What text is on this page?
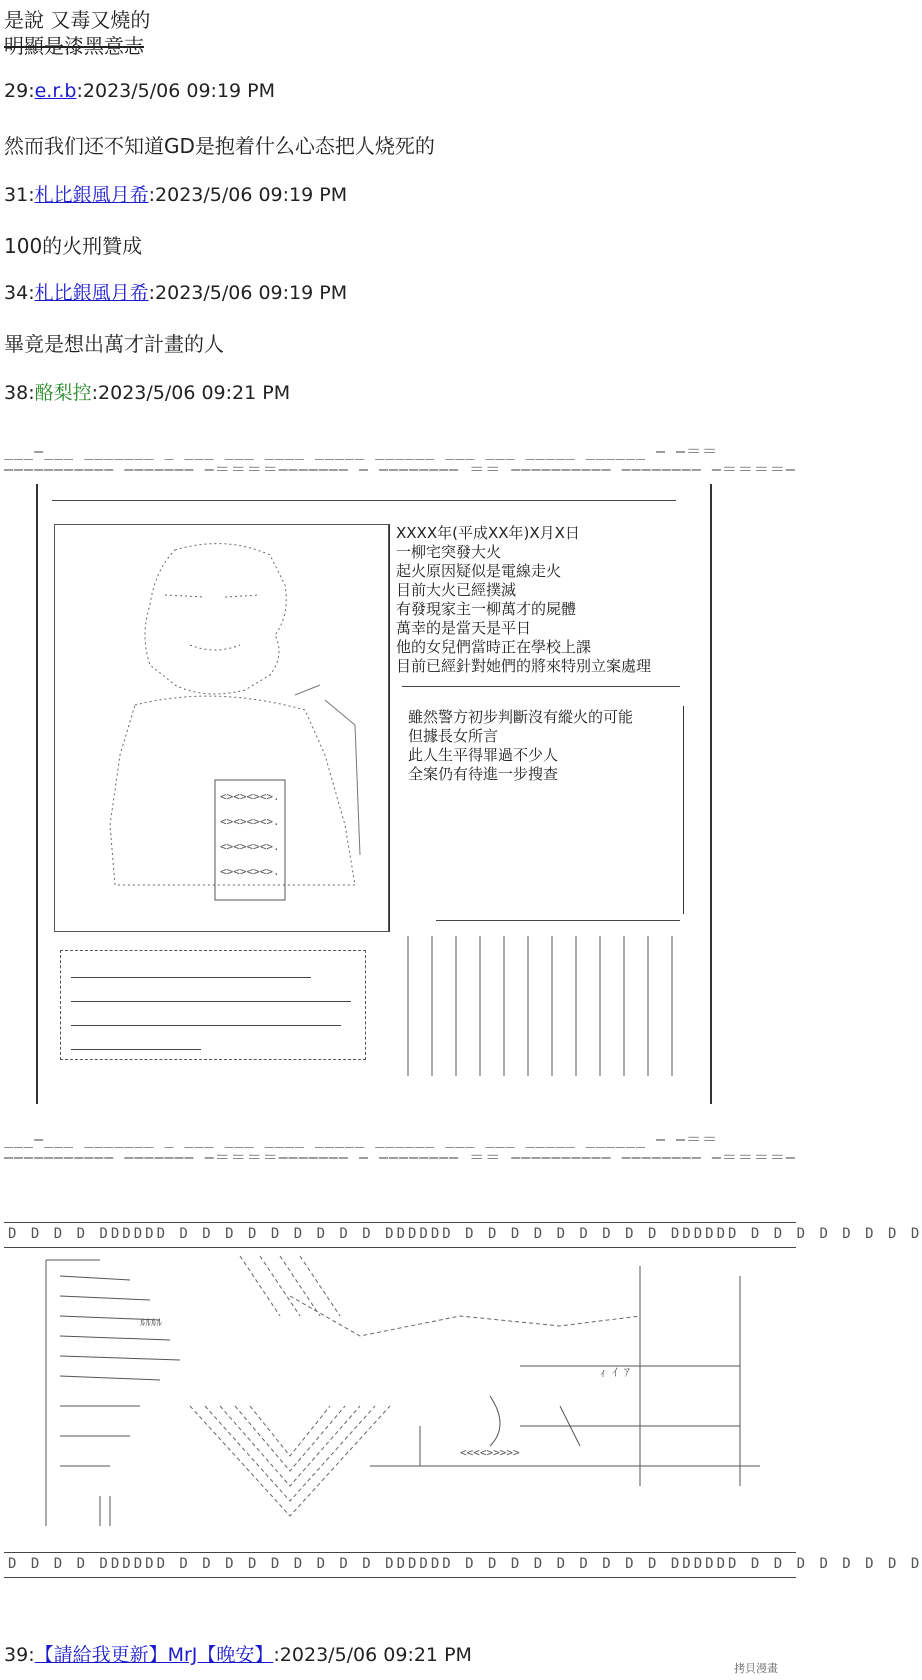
是說 又毒又燒的
明顯是漆黑意志
29:e.r.b:2023/5/06 09:19 PM
然而我们还不知道GD是抱着什么心态把人烧死的
31:札比銀風月希:2023/5/06 09:19 PM
100的火刑贊成
34:札比銀風月希:2023/5/06 09:19 PM
畢竟是想出萬才計畫的人
38:酪梨控:2023/5/06 09:21 PM
___―___ _______ _ ___ ___ ____ _____ ______ ___ ___ _____ ______ ― ―＝＝
――――――――――― ――――――― ―＝＝＝＝――――――― ― ―――――――― ＝＝ ―――――――――― ―――――――― ―＝＝＝＝―
<><><><>.
<><><><>.
<><><><>.
<><><><>.
XXXX年(平成XX年)X月X日
一柳宅突發大火
起火原因疑似是電線走火
目前大火已經撲滅
有發現家主一柳萬才的屍體
萬幸的是當天是平日
他的女兒們當時正在學校上課
目前已經針對她們的將來特別立案處理
雖然警方初步判斷沒有縱火的可能
但據長女所言
此人生平得罪過不少人
全案仍有待進一步搜查
___―___ _______ _ ___ ___ ____ _____ ______ ___ ___ _____ ______ ― ―＝＝
――――――――――― ――――――― ―＝＝＝＝――――――― ― ―――――――― ＝＝ ―――――――――― ―――――――― ―＝＝＝＝―
D D D D DDDDDD D D D D D D D D D DDDDDD D D D D D D D D D DDDDDD D D D D D D D D
<<<<>>>>>
ｨ ｲ ｱ
ﾙﾙﾙﾙ
D D D D DDDDDD D D D D D D D D D DDDDDD D D D D D D D D D DDDDDD D D D D D D D D
39:【請給我更新】MrJ【晚安】:2023/5/06 09:21 PM
拷貝漫畫
